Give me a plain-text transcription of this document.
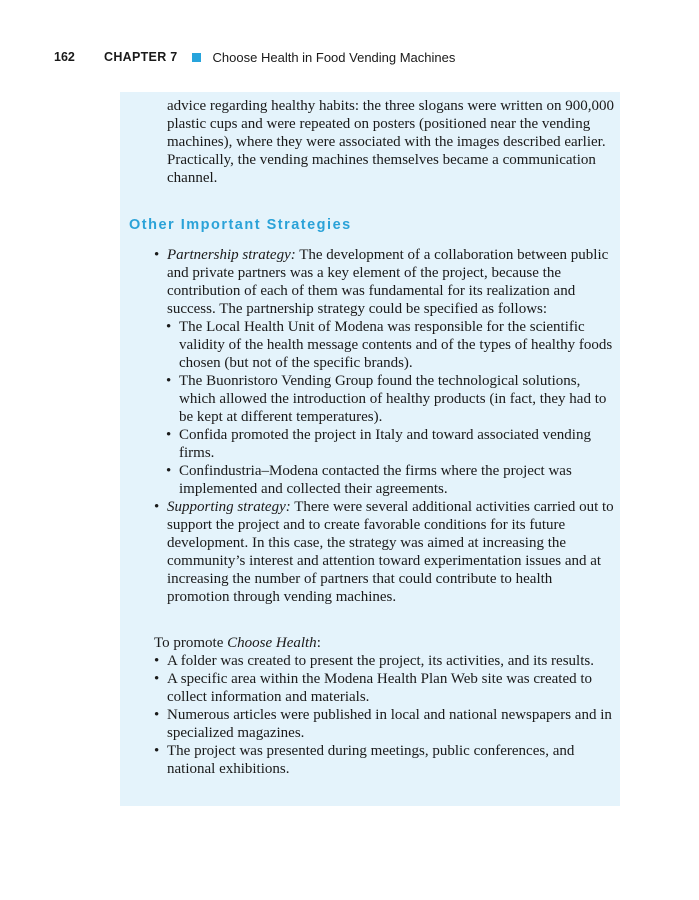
162	CHAPTER 7	Choose Health in Food Vending Machines

advice regarding healthy habits: the three slogans were written on 900,000 plastic cups and were repeated on posters (positioned near the vending machines), where they were associated with the images described earlier. Practically, the vending machines themselves became a communication channel.

Other Important Strategies
• Partnership strategy: The development of a collaboration between public and private partners was a key element of the project, because the contribution of each of them was fundamental for its realization and success. The partnership strategy could be specified as follows:

• The Local Health Unit of Modena was responsible for the scientific validity of the health message contents and of the types of healthy foods chosen (but not of the specific brands).
• The Buonristoro Vending Group found the technological solutions, which allowed the introduction of healthy products (in fact, they had to be kept at different temperatures).
• Confida promoted the project in Italy and toward associated vending firms.
• Confindustria–Modena contacted the firms where the project was implemented and collected their agreements.
• Supporting strategy: There were several additional activities carried out to support the project and to create favorable conditions for its future development. In this case, the strategy was aimed at increasing the community’s interest and attention toward experimentation issues and at increasing the number of partners that could contribute to health promotion through vending machines.

To promote Choose Health:

• A folder was created to present the project, its activities, and its results.
• A specific area within the Modena Health Plan Web site was created to collect information and materials.
• Numerous articles were published in local and national newspapers and in specialized magazines.
• The project was presented during meetings, public conferences, and national exhibitions.
